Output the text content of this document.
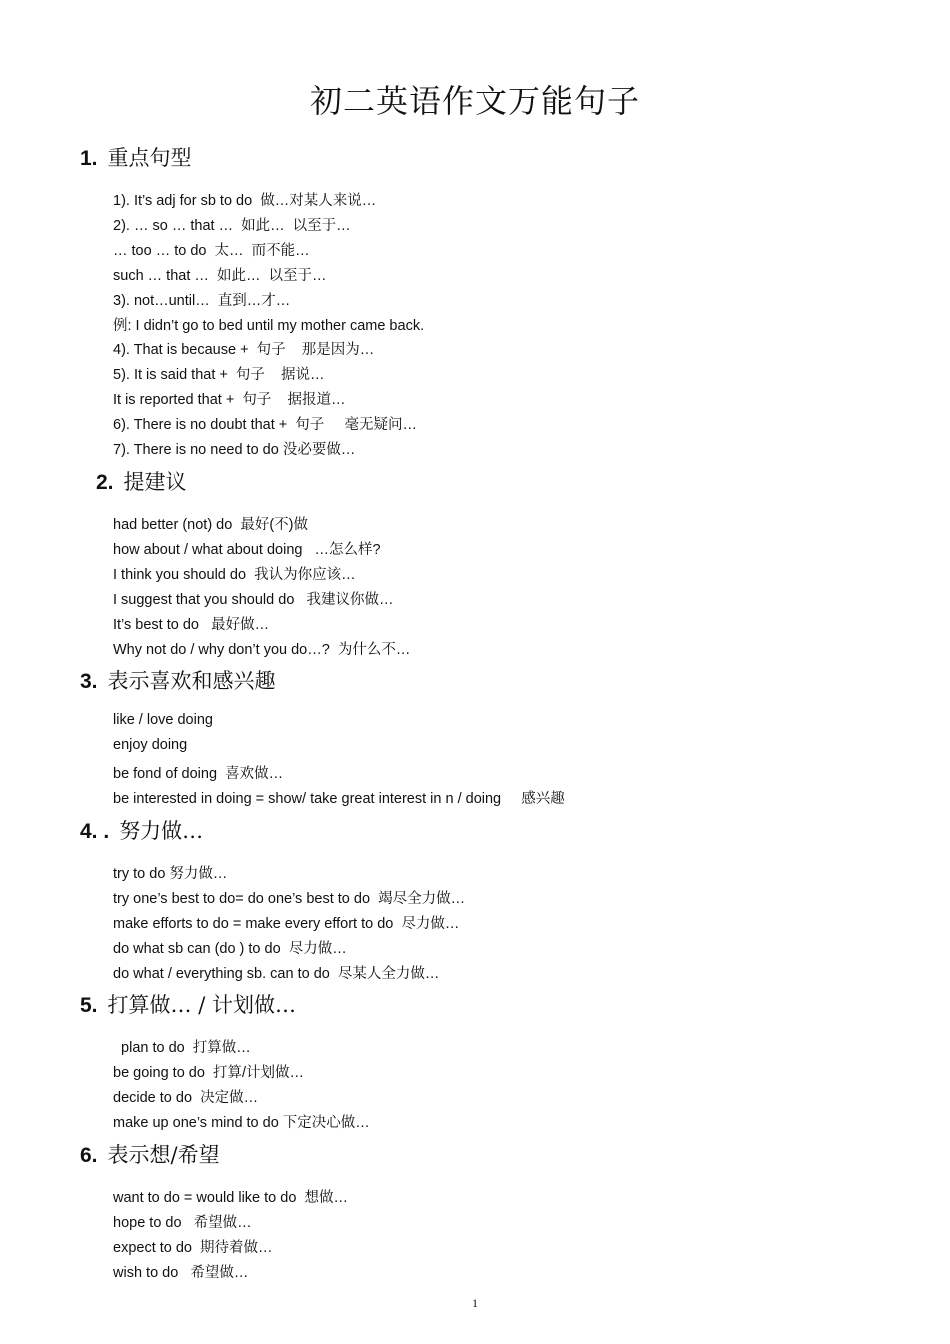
初二英语作文万能句子
1. 重点句型
1). It’s adj for sb to do  做…对某人来说…
2). … so … that …  如此…  以至于…
… too … to do  太…  而不能…
such … that …  如此…  以至于…
3). not…until…  直到…才…
例: I didn’t go to bed until my mother came back.
4). That is because +  句子    那是因为…
5). It is said that +  句子    据说…
It is reported that +  句子    据报道…
6). There is no doubt that +  句子     毫无疑问…
7). There is no need to do 没必要做…
2. 提建议
had better (not) do  最好(不)做
how about / what about doing   …怎么样?
I think you should do  我认为你应该…
I suggest that you should do   我建议你做…
It’s best to do   最好做…
Why not do / why don’t you do…?  为什么不…
3. 表示喜欢和感兴趣
like / love doing
enjoy doing
be fond of doing  喜欢做…
be interested in doing = show/ take great interest in n / doing     感兴趣
4. . 努力做…
try to do 努力做…
try one’s best to do= do one’s best to do  竭尽全力做…
make efforts to do = make every effort to do  尽力做…
do what sb can (do ) to do  尽力做…
do what / everything sb. can to do  尽某人全力做…
5. 打算做… / 计划做…
plan to do  打算做…
be going to do  打算/计划做…
decide to do  决定做…
make up one’s mind to do 下定决心做…
6. 表示想/希望
want to do = would like to do  想做…
hope to do   希望做…
expect to do  期待着做…
wish to do   希望做…
1
